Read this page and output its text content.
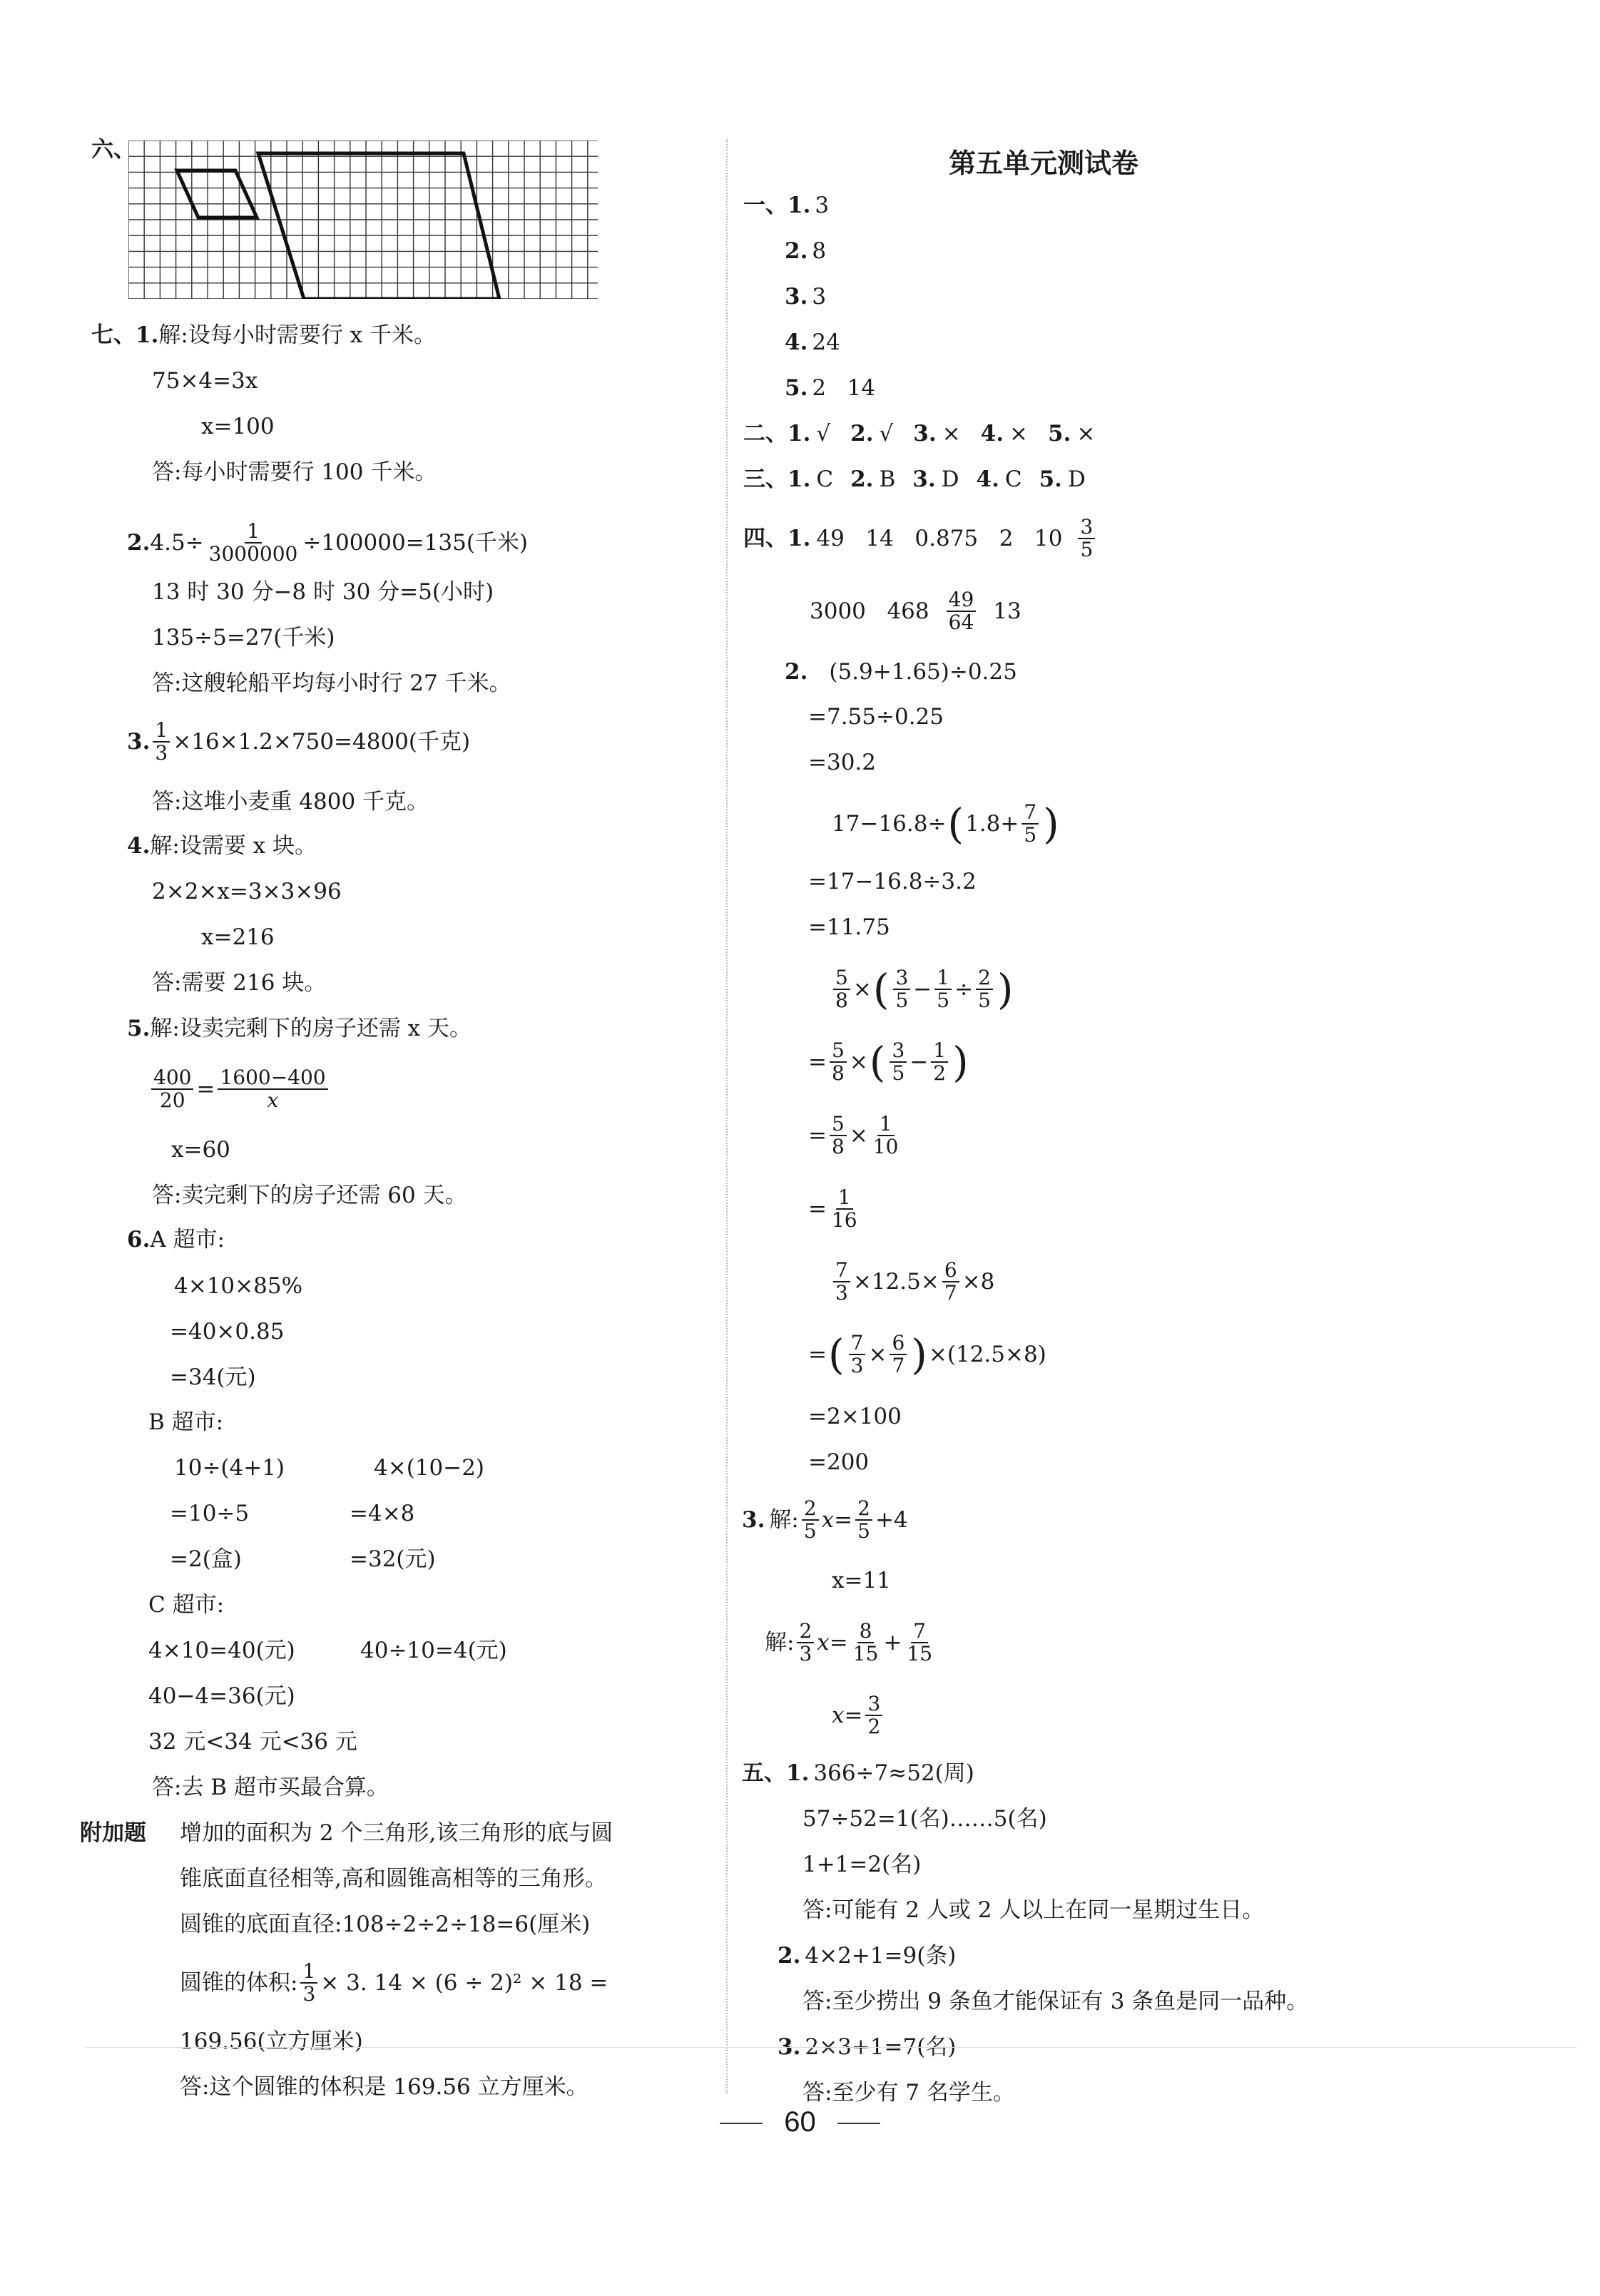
六、
七、1. 解:设每小时需要行 x 千米。
75×4=3x
x=100
答:每小时需要行 100 千米。
2. $4.5\div \frac{1}{3000000} \div 100000=135$(千米)
13 时 30 分−8 时 30 分=5(小时)
135÷5=27(千米)
答:这艘轮船平均每小时行 27 千米。
3. $\frac{1}{3} \times 16\times 1.2\times 750=4800$(千克)
答:这堆小麦重 4800 千克。
4. 解:设需要 x 块。
2×2×x=3×3×96
x=216
答:需要 216 块。
5. 解:设卖完剩下的房子还需 x 天。
$\frac{400}{20} = \frac{1600-400}{x}$
x=60
答:卖完剩下的房子还需 60 天。
6. A 超市:
4×10×85%
=40×0.85
=34(元)
B 超市:
10÷(4+1)	4×(10−2)
=10÷5	=4×8
=2(盒)	=32(元)
C 超市:
4×10=40(元)	40÷10=4(元)
40−4=36(元)
32 元<34 元<36 元
答:去 B 超市买最合算。
附加题 增加的面积为 2 个三角形,该三角形的底与圆
锥底面直径相等,高和圆锥高相等的三角形。
圆锥的底面直径:108÷2÷2÷18=6(厘米)
圆锥的体积: $\frac{1}{3} \times 3$. 14 × (6 ÷ 2)² × 18 =
169.56(立方厘米)
答:这个圆锥的体积是 169.56 立方厘米。
第五单元测试卷
一、 1. 3
2. 8
3. 3
4. 24
5. 2   14
二、 1. √ 2. √ 3. × 4. × 5. ×
三、 1. C 2. B 3. D 4. C 5. D
四、 1. 49   14   0.875   2   $10 \frac{3}{5}$
3000   $468 \frac{49}{64} 13$
2. (5.9+1.65)÷0.25
=7.55÷0.25
=30.2
17−16.8÷ ( $1.8+ \frac{7}{5}$ )
=17−16.8÷3.2
=11.75
$\frac{5}{8}$ × ( $\frac{3}{5} - \frac{1}{5} \div \frac{2}{5}$ )
= $\frac{5}{8}$ × ( $\frac{3}{5} - \frac{1}{2}$ )
= $\frac{5}{8} \times \frac{1}{10}$
= $\frac{1}{16}$
$\frac{7}{3} \times 12.5\times \frac{6}{7} \times 8$
= ( $\frac{7}{3} \times \frac{6}{7}$ ) ×(12.5×8)
=2×100
=200
3. 解: $\frac{2}{5} x= \frac{2}{5} +4$
x=11
解: $\frac{2}{3} x= \frac{8}{15} + \frac{7}{15}$
$x= \frac{3}{2}$
五、 1. 366÷7≈52(周)
57÷52=1(名)……5(名)
1+1=2(名)
答:可能有 2 人或 2 人以上在同一星期过生日。
2. 4×2+1=9(条)
答:至少捞出 9 条鱼才能保证有 3 条鱼是同一品种。
3. 2×3+1=7(名)
答:至少有 7 名学生。
60
